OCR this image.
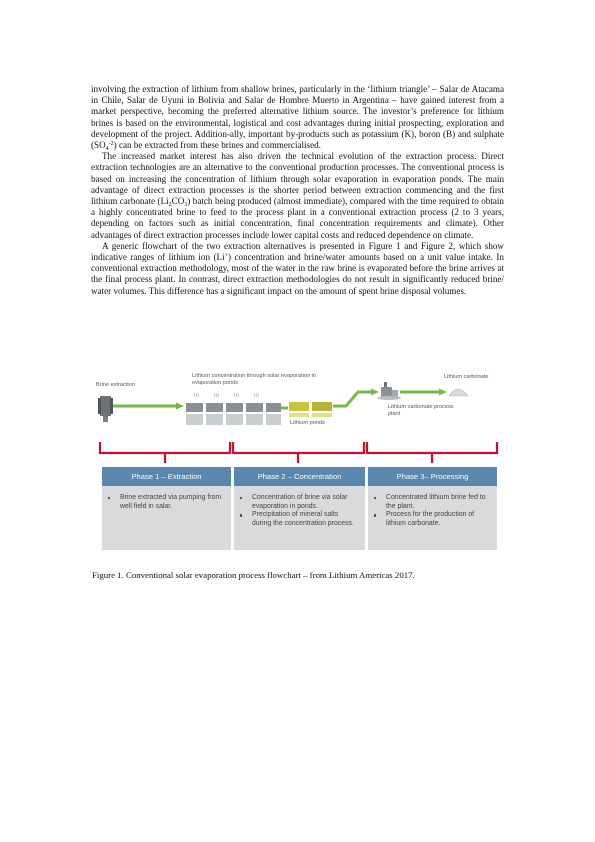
involving the extraction of lithium from shallow brines, particularly in the ‘lithium triangle’ – Salar de Atacama in Chile, Salar de Uyuni in Bolivia and Salar de Hombre Muerto in Argentina – have gained interest from a market perspective, becoming the preferred alternative lithium source. The investor’s preference for lithium brines is based on the environmental, logistical and cost advantages during initial prospecting, exploration and development of the project. Addition-ally, important by-products such as potassium (K), boron (B) and sulphate $(SO_4^{-2})$ can be extracted from these brines and commercialised.

The increased market interest has also driven the technical evolution of the extraction process. Direct extraction technologies are an alternative to the conventional production processes. The conventional process is based on increasing the concentration of lithium through solar evaporation in evaporation ponds. The main advantage of direct extraction processes is the shorter period between extraction commencing and the first lithium carbonate $(Li_2CO_3)$ batch being produced (almost immediate), compared with the time required to obtain a highly concentrated brine to feed to the process plant in a conventional extraction process (2 to 3 years, depending on factors such as initial concentration, final concentration requirements and climate). Other advantages of direct extraction processes include lower capital costs and reduced dependence on climate.

A generic flowchart of the two extraction alternatives is presented in Figure 1 and Figure 2, which show indicative ranges of lithium ion (Li+) concentration and brine/water amounts based on a unit value intake. In conventional extraction methodology, most of the water in the raw brine is evaporated before the brine arrives at the final process plant. In contrast, direct extraction methodologies do not result in significantly reduced brine/ water volumes. This difference has a significant impact on the amount of spent brine disposal volumes.

Brine extraction
Lithium concentration through solar evaporation in evaporation ponds
Lithium ponds
Lithium carbonate process plant
Lithium carbonate
Phase 1 – Extraction
Brine extracted via pumping from well field in salar.
Phase 2 – Concentration
Concentration of brine via solar evaporation in ponds.
Precipitation of mineral salts during the concentration process.
Phase 3– Processing
Concentrated lithium brine fed to the plant.
Process for the production of lithium carbonate.
Figure 1. Conventional solar evaporation process flowchart – from Lithium Americas 2017.
